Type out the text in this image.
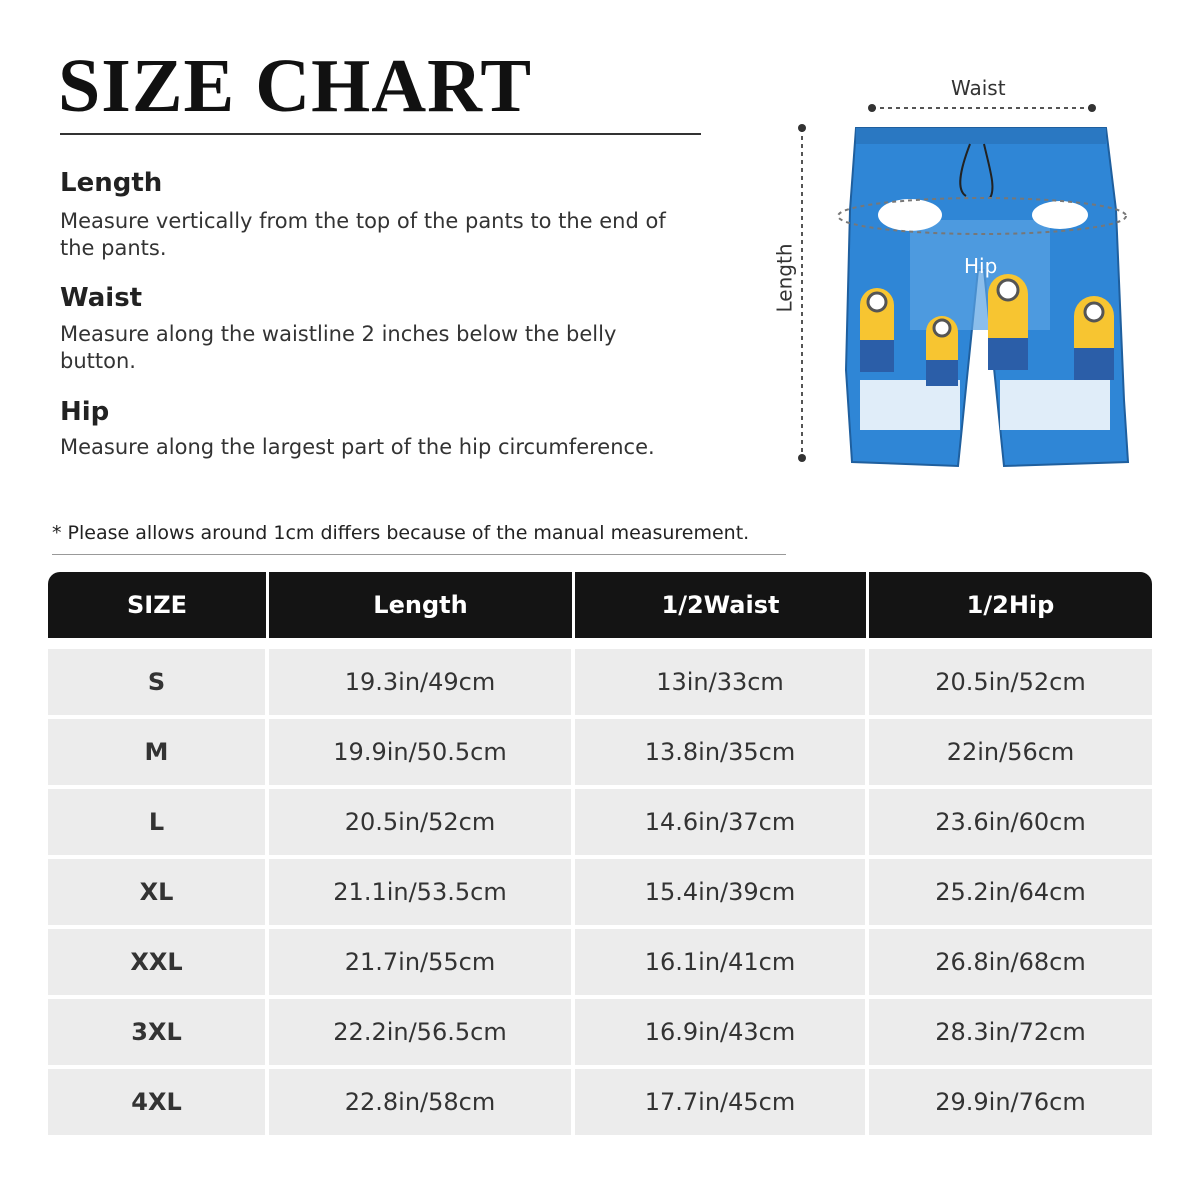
SIZE CHART
Length
Measure vertically from the top of the pants to the end of the pants.
Waist
Measure along the waistline 2 inches below the belly button.
Hip
Measure along the largest part of the hip circumference.
Waist
Hip
Length
* Please allows around 1cm differs because of the manual measurement.
SIZE	Length	1/2Waist	1/2Hip

S	19.3in/49cm	13in/33cm	20.5in/52cm
M	19.9in/50.5cm	13.8in/35cm	22in/56cm
L	20.5in/52cm	14.6in/37cm	23.6in/60cm
XL	21.1in/53.5cm	15.4in/39cm	25.2in/64cm
XXL	21.7in/55cm	16.1in/41cm	26.8in/68cm
3XL	22.2in/56.5cm	16.9in/43cm	28.3in/72cm
4XL	22.8in/58cm	17.7in/45cm	29.9in/76cm
